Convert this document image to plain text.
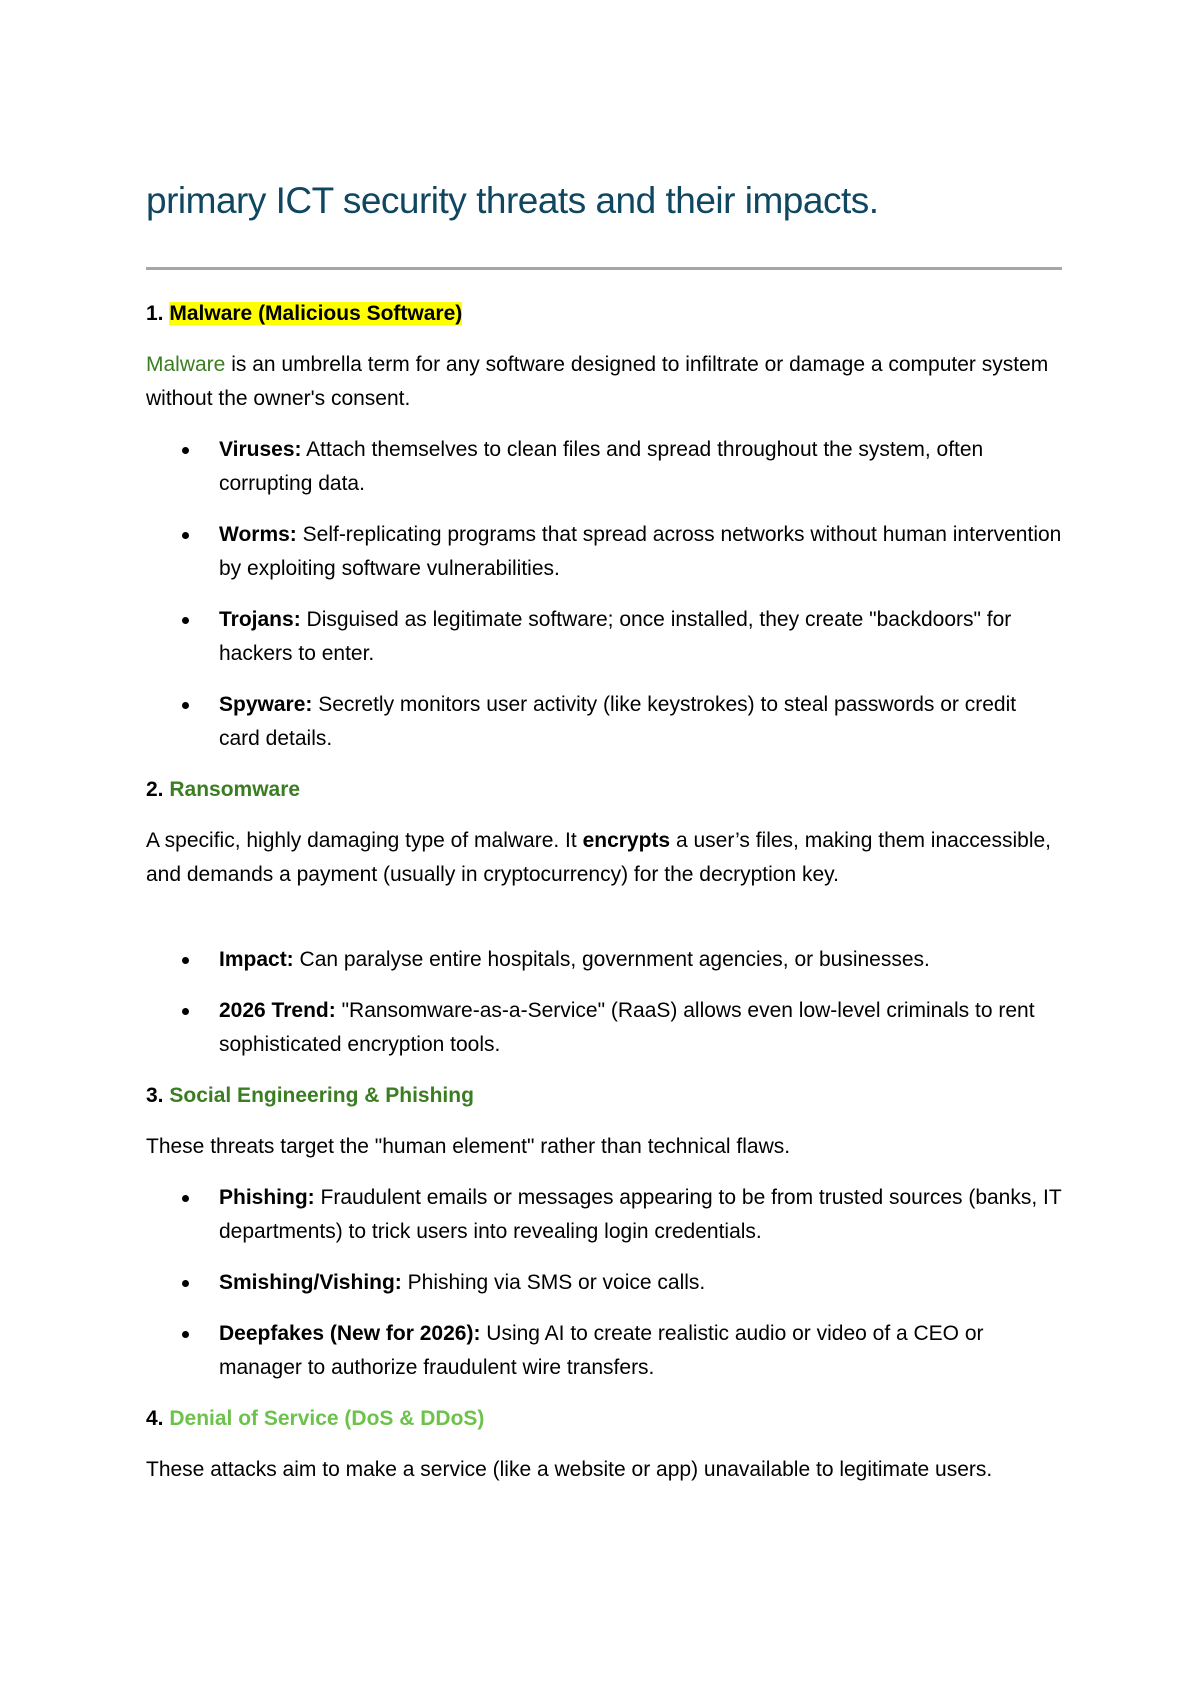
primary ICT security threats and their impacts.
1. Malware (Malicious Software)
Malware is an umbrella term for any software designed to infiltrate or damage a computer system without the owner's consent.
Viruses: Attach themselves to clean files and spread throughout the system, often corrupting data.
Worms: Self-replicating programs that spread across networks without human intervention by exploiting software vulnerabilities.
Trojans: Disguised as legitimate software; once installed, they create "backdoors" for hackers to enter.
Spyware: Secretly monitors user activity (like keystrokes) to steal passwords or credit card details.
2. Ransomware
A specific, highly damaging type of malware. It encrypts a user’s files, making them inaccessible, and demands a payment (usually in cryptocurrency) for the decryption key.
Impact: Can paralyse entire hospitals, government agencies, or businesses.
2026 Trend: "Ransomware-as-a-Service" (RaaS) allows even low-level criminals to rent sophisticated encryption tools.
3. Social Engineering & Phishing
These threats target the "human element" rather than technical flaws.
Phishing: Fraudulent emails or messages appearing to be from trusted sources (banks, IT departments) to trick users into revealing login credentials.
Smishing/Vishing: Phishing via SMS or voice calls.
Deepfakes (New for 2026): Using AI to create realistic audio or video of a CEO or manager to authorize fraudulent wire transfers.
4. Denial of Service (DoS & DDoS)
These attacks aim to make a service (like a website or app) unavailable to legitimate users.
